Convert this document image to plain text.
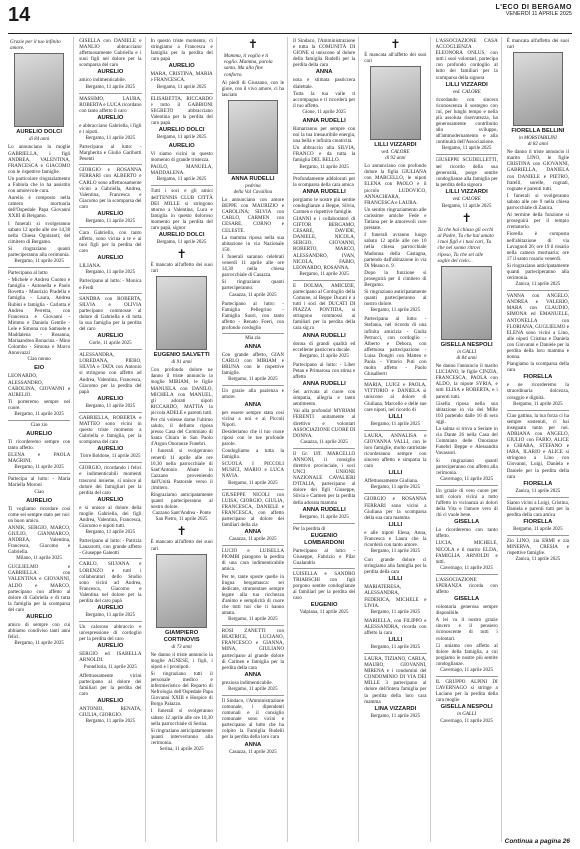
14	L'ECO DI BERGAMO
VENERDÌ 11 APRILE 2025
Grazie per il tuo infinito amore.
AURELIO DOLCI
di 84 anni
Lo annunciano la moglie GABRIELLA, i figli ANDREA, VALENTINA, FRANCESCA e GIACOMO con le rispettive famiglie.
Un particolare ringraziamento a Fabiola che lo ha assistito con amorevole cura.
Aurelio è composto nella camera mortuaria dell'Ospedale Papa Giovanni XXIII di Bergamo.
I funerali si svolgeranno sabato 12 aprile alle ore 14,30 nella Chiesa Ognisanti; del cimitero di Bergamo.
Si ringraziano quanti parteciperanno alla cerimonia.
Bergamo, 11 aprile 2025
Partecipano al lutto
- Michele e Andrea Cuomo e famiglia - Antonella e Paolo Rovetta - Maurizio Pradella e famiglia - Laura, Andrea Rubini e famiglia - Carlotta e Andrea Perretta, con Francesca e Giovanni - Mimmo e Daniela Gentile - Lele e Simona con Samuele e Maddalena - Rosanna, Mariaandrea Bonacina - Mino Colombo - Simona e Marco Annovazzi
Ciao nonno
EIO
LEONARDO, ALESSANDRO, CAROLINA, GIOVANNI e AURELIO.
Ti porteremo sempre nel cuore.
Bergamo, 11 aprile 2025
Ciao zio
AURELIO
Ti ricorderemo sempre con tanto affetto.
ELENA e PAOLA MAGRINI.
Bergamo, 11 aprile 2025
Partecipa al lutto: - Maria Mariella Moroni
Ciao
AURELIO
Ti vogliamo ricordare così come sei sempre stato per noi: un buon amico.
ANNIK, SERGIO, MARCO, GIULIO, GIANMARCO, ANDREA, Valentina, Francesca, Giacomo e Gabriella.
Milano, 11 aprile 2025
GUGLIELMO e GABRIELLA con VALENTINA e GIOVANNI, ALDO e MARCO, partecipano con affetto al dolore di Gabriella e di tutta la famiglia per la scomparsa del caro
AURELIO
amico di sempre con cui abbiamo condiviso tanti anni felici.
Bergamo, 11 aprile 2025
GISELLA con DANIELE e MANLIO abbracciano affettuosamente Gabriella e i suoi figli nel dolore per la scomparsa del caro
AURELIO
amico indimenticabile.
Bergamo, 11 aprile 2025
MASSIMO, LAURA, ROBERTA e LUCA ricordano con tanto affetto il caro
AURELIO
e abbracciano Gabriella, i figli e i nipoti.
Bergamo, 11 aprile 2025
Partecipano al lutto: - Margherita e Giulio Garibotti Pesenti
GIORGIO e ROSANNA FERRARI con ALBERTO e CARLO sono affettuosamente vicini a Gabriella, Andrea, Valentina, Francesca e Giacomo per la scomparsa del caro
AURELIO
Bergamo, 11 aprile 2025
Cara Gabriella, con tanto affetto, sono vicina a te e ai tuoi figli per la perdita del caro
AURELIO
LILIANA.
Bergamo, 11 aprile 2025
Partecipano al lutto: - Monica e Ferdi
SANDRA con ROBERTA, SILVIA e OLIVIA partecipano commosse al dolore di Gabriella e di tutta la sua famiglia per la perdita del caro
AURELIO
Gorle, 11 aprile 2025
ALESSANDRA, LOREDANA, PIERO, SILVIA e TATA con Antonio si stringono con affetto ad Andrea, Valentina, Francesca, Giacomo per la perdita del papà
AURELIO
Bergamo, 11 aprile 2025
GABRIELLA, ROBERTA e MATTEO sono vicini in questo triste momento a Gabriella e famiglia, per la scomparsa del caro
AURELIO
Torre Boldone, 11 aprile 2025
GIORGIO, ricordando i felici e indimenticabili momenti trascorsi insieme, si unisce al dolore dei famigliari per la perdita del caro
AURELIO
e si unisce al dolore della moglie Gabriella, dei figli Andrea, Valentina, Francesca, Giacomo e nipoti tutti.
Bergamo, 11 aprile 2025
Partecipano al lutto: - Patrizia Lanzarotti, con grande affetto - Giuseppe Galeotti
CARLO, SILVANA e LORENZO e tutti i collaboratori dello Studio sono vicini ad Andrea, Francesca, Giacomo e Valentina nel dolore per la perdita del caro papà
AURELIO
Bergamo, 11 aprile 2025
Un caloroso abbraccio e un'espressione di cordoglio per la perdita del caro
AURELIO
SERGIO ed ISABELLA ARNOLDI.
Pontelloria, 11 aprile 2025
Affettuosamente vicini partecipano al dolore dei familiari per la perdita del caro
AURELIO
ANTONIO, RENATA, GIULIA, GIORGIO.
Bergamo, 11 aprile 2025
In questo triste momento, ci stringiamo a Francesca e famiglia per la perdita del caro papà
AURELIO
MARA, CRISTINA, MARIA e FRANCESCA.
Bergamo, 11 aprile 2025
ELISABETTA, RICCARDO e tutto il GABBIONI SEGRETO abbracciano Valentina per la perdita del caro papà
AURELIO DOLCI
Bergamo, 11 aprile 2025
AURELIO
Vi siamo vicini in questo momento di grande tristezza.
PAOLO, MANUELA, MADDALENA.
Bergamo, 11 aprile 2025
Tutti i soci e gli amici dell'TENNIS CLUB CITTÀ DEI MILLE si stringono attorno a Valentina, Luca e famiglia in questo doloroso momento per la perdita del caro papà, signor
AURELIO DOLCI
Bergamo, 11 aprile 2025
✝
È mancato all'affetto dei suoi cari
EUGENIO SALVETTI
di 91 anni
Con profondo dolore ne danno il triste annuncio la moglie MIRIAM, le figlie MANUELA con DANILO, MICHELA con MANUEL, gli adorati nipoti RICCARDO, MATTIA la piccola ADELE e parenti tutti.
Per chi volesse darne l'ultimo saluto, il defunto riposa presso Casa del Commiato di Santa Chiara in San Paolo d'Argon Onoranze Funebri.
I funerali si svolgeranno venerdì 11 aprile alle ore 10,30 nella parrocchiale di Sant'Antonio Abate in Cazzano proveniendo dall'Unità Pastorale verso il cimitero.
Ringraziamo anticipatamente quanti parteciperanno al nostro dolore.
Cazzano Sant'Andrea - Ponte San Pietro, 11 aprile 2025
✝
È mancato all'affetto dei suoi cari
GIAMPIERO CORTINOVIS
di 73 anni
Ne danno il triste annuncio la moglie AGNESE, i figli, i nipoti e i pronipoti.
Si ringraziano tutti il personale medico e infermieristico del Reparto di Nefrologia dell'Ospedale Papa Giovanni XXIII e Hospice di Borgo Palazzo.
I funerali si svolgeranno sabato 12 aprile alle ore 10,30 nella parrocchiale di Serina.
Si ringraziano anticipatamente quanti interverranno alla cerimonia.
Serina, 11 aprile 2025
✝
Mamma, ti voglio e ti voglio. Mamma, parola santa. Ma alla fine conforto.
Ai piedi di Giussano, con le gioie, con il vivo amore, ci ha lasciato
ANNA RUDELLI
pedrina
della Val Cavallina
Lo annunciano con amore BEPPE con MAURIZIO e CAROLINA; SILVIA con CARLO, CARMEN con CESARE, CORNO e CELESTE.
La mamma riposa nella sua abitazione in via Nazionale 150.
I funerali saranno celebrati venerdì 11 aprile alle ore 14,30 nella chiesa parrocchiale di Casazza.
Si ringraziano quanti parteciperanno.
Casazza, 11 aprile 2025
Partecipano al lutto: - Famiglia Pellegrino - Famiglia Suori, con tanto affetto - Renato Foeri, con profondo cordoglio
Mia zia
ANNA
Con grande affetto, GIAN CARLO con MIRIAM e BRUNA con le rispettive famiglie.
Bergamo, 11 aprile 2025
Un grazie alla pazienza e amore.
ANNA
per essere sempre stata così vicina a noi e ai Piccoli Nipoti.
Desideriamo che il tuo cuore riposi con le tue profonde parole.
Condogliamo a tutta la famiglia.
SCUOLA I PICCOLI MUSICI, MARIO e LUCA NAVIA.
Bergamo, 11 aprile 2025
GIUSEPPE NICOLI con LUISA, GIORGIO, GIULIA, FRANCESCA, DANIELE e FRANCESCA, con affetto partecipano al dolore dei familiari della zia
ANNA
Casazza, 11 aprile 2025
LUCIO e LUISELLA PIOMBI piangono la perdita di una cara indimenticabile amica.
Per te, tante sposte quelle in lingua bergamasca: sei dedicate, strumentare sempre legate alla tua ricchezza d'animo e semplicità di cuore che tutti noi che ti hanno amata.
Bergamo, 11 aprile 2025
ROSI ZANETTI con BEATRICE, LUCIANO, FRANCESCO e GIANNA, MINA, GIULIANO partecipano al grande dolore di Carmen e famiglia per la perdita della cara
ANNA
preziosa indimenticabile.
Bergamo, 11 aprile 2025
Il Sindaco, l'Amministrazione comunale, i dipendenti comunali e il consiglio comunale sono vicini e partecipano al lutto che ha colpito la Famiglia Rudelli per la perdita della loro cara
ANNA
Casazza, 11 aprile 2025
Il Sindaco, l'Amministrazione e tutta la COMUNITÀ DI GIONE si uniscono al dolore della famiglia Rudelli per la perdita della cara
ANNA
nota e stimata pasticcera dialettale.
Tutta la tua valle ti accompagna e ti ricorderà per il tuo affetto.
Gione, 11 aprile 2025
ANNA RUDELLI
Rimarranno per sempre con noi la tua inesauribile energia, una bella e infinita creatività.
Un abbraccio alla SILVIA, FRANCO e da tutta la famiglia DEL BELLO.
Bergamo, 11 aprile 2025
Profondamente addolorati per la scomparsa della cara amica
ANNA RUDELLI
porgiamo le nostre più sentite condoglianze a Beppe, Silvia, Carmen e rispettive famiglie.
GIANNI e i collaboratori di GIFTOR BERGAMO, CESARE, DAVIDE, DANIELE, NICOLA, SERGIO, GIOVANNI, ROBERTO, MARCO, ALESSANDRO, IVAN, NICOLA, FABIO, LEONARDO, ROSANNA.
Bergamo, 11 aprile 2025
E DOLMA, AMICIZIE, partecipano al Cordoglio della Comune, al Beppe Ducati e a tutti i soci del DUCATI DI PIAZZA PONTIDA, si stringono commossi ai familiari per la perdita della cara sig.ra
ANNA RUDELLI
donna di grandi qualità ed eccellente pasticcera ducale.
Bergamo, 11 aprile 2025
Partecipano al lutto: - Liber Petan e Primarosa con stima e affetto
ANNA RUDELLI
Sei arrivata al cuore con simpatia, allegria e tanto sentimento.
Vai alla profonda! MYRIAM FERENTI unitamente al direttivo e volontari ASSOCIAZIONE CUORE DI DONNA.
Casazza, 11 aprile 2025
Il Gr. Uff. MARCELLO ANNONI, il consiglio direttivo provinciale, i soci UNCI UNIONE NAZIONALE CAVALIERI D'ITALIA, partecipano al dolore dei figli Giuseppe, Silvia e Carmen per la perdita della adorata mamma
ANNA RUDELLI
Bergamo, 11 aprile 2025
Per la perdita di
EUGENIO LOMBARDONI
Partecipano al lutto: - Giuseppe, Fabrizio e Pilar Gualandris
LUISELLA e SANDRO TRIABSCHI con figli porgono sentite condoglianze ai familiari per la perdita del caro
EUGENIO
Valpiana, 11 aprile 2025
✝
È mancata all'affetto dei suoi cari
LILLI VIZZARDI
ved. CALORE
di 92 anni
Lo annunciano con profondo dolore la figlia GIULIANA con MARCELLO, le nipoti ELENA con PAOLO e il piccolo LUDOVICO, ANNACHIARA, FRANCESCA e LAURA.
Un sentito ringraziamento alle carissime amiche Fede e Tatiana per le amorevoli cure prestate.
I funerali avranno luogo sabato 12 aprile alle ore 10 nella chiesa parrocchiale Madonna della Castagna, partendo dall'abitazione in via Di Meano n. 9.
Dopo la funzione si proseguirà per il cimitero di Bergamo.
Si ringraziano anticipatamente quanti parteciperanno al nostro dolore.
Bergamo, 11 aprile 2025
Partecipano al lutto: - Stefania, nel ricordo di una infinita amicizia - Giulia Petrucci, con cordoglio - Alberto e Debora, con affettuosa partecipazione - Luisa Donghi con Matteo e Paola - Vittorio Puti con molto affetto - Paolo Ghisalberti
MARIA, LUIGI e PAOLA, VITTORIO e DANIELA si uniscono al dolore di Giuliana, Marcello e delle sue care nipoti, nel ricordo di
LILLI
Bergamo, 11 aprile 2025
LAURA, ANNALISA e GIOVANNA VALLI, con le loro famiglie, molto rattristate ricorderanno sempre con sincero affetto e simpatia la cara
LILLI
Affettuosamente Giuliana.
Bergamo, 11 aprile 2025
GIORGIO e ROSANNA FERRARI sono vicini a Giuliana per la scomparsa della sua cara mamma
LILLI
e alle nipoti Elena, Anna, Francesca e Laura che la ricorderà con tanto amore.
Bergamo, 11 aprile 2025
Con grande dolore ci stringiamo alla famiglia per la perdita della cara
LILLI
MARIATERESA, ALESSANDRA, FEDERICA, MICHELE e LIVIA.
Bergamo, 11 aprile 2025
MARIELLA, con FILIPPO e ALESSANDRA, ricorda con affetto la cara
LILLI
Bergamo, 11 aprile 2025
LAURA, TIZIANO, CARLA, MAURO, GIOVANNI, MIRENA e i condomini del CONDOMINIO DI VIA DEI MILLE 3 partecipano al dolore dell'intera famiglia per la perdita della loro cara mamma
LINA VIZZARDI
Bergamo, 11 aprile 2025
L'ASSOCIAZIONE CASA ACCOGLIENZA ELEONORA ONLUS, con tutti i suoi volontari, partecipa con profondo cordoglio al lutto dei familiari per la scomparsa della signora
LILLI VIZZARDI
ved. CALORE
ricordando con sincera riconoscenza il sostegno con cui, per lunghi tempo e nella più assoluta riservatezza, ha generosamente contribuito allo sviluppo, all'ammodernamento e alla continuità dell'Associazione.
Bergamo, 11 aprile 2025
GIUSEPPE SCUDELLETTI, nel ricordo della sua generosità, porge sentite condoglianze alla famiglia per la perdita della signora
LILLI VIZZARDI
ved. CALORE
Bergamo, 11 aprile 2025
✝
Tu che hai chiuso gli occhi al Padre, Tu che hai amato i tuoi figli e i tuoi cari, Tu che nel sonno ritrovi riposo, Tu che sei alle soglie del cielo...
GISELLA NESPOLI
in GALLI
di 84 anni
Ne danno l'annuncio il marito LUCIANO, le figlie CINZIA, FRANCESCA, PAOLA con ALDO, la nipote SYRIA, e tutti ELISA e ROBERTA, e i parenti tutti.
Gisella riposa nella sua abitazione in via dei Mille 103 partendo dalle 16 di sera oggi.
La salma si trova a Seriate in via Dante 26 nella Casa del Commiato delle Onoranze Funebri Beppe e Alessandra Vavassori.
Si ringraziano quanti parteciperanno con affetto alla cerimonia.
Cavernago, 11 aprile 2025
Un grazie di vero cuore per tutti coloro vicini a tutto l'affetto in vicinanza ai dolori della Vita e l'amore vero di chi ci vuole bene.
GISELLA
Lo ricorderemo con tanto affetto.
LUCIA, MICHELE, NICOLA e il marito ELDA, FAMIGLIA ARNOLDI e tutti.
Cavernago, 11 aprile 2025
L'ASSOCIAZIONE SPERANZA ricorda con affetto
GISELLA
volontaria generosa sempre disponibile.
A lei va il nostro grazie sincero e il pensiero riconoscente di tutti i volontari.
Ci uniamo con affetto al dolore della famiglia, a cui porgiamo le nostre più sentite condoglianze.
Cavernago, 11 aprile 2025
IL GRUPPO ALPINI DI CAVERNAGO si stringe a Luciano per la perdita della cara moglie
GISELLA NESPOLI
in GALLI
Cavernago, 11 aprile 2025
È mancata all'affetto dei suoi cari
FIORELLA BELLINI
in MORSTABILINI
di 82 anni
Ne danno il triste annuncio il marito LINO, le figlie CRISTINA con GIOVANNI, GABRIELLA, DANIELA con DANIELE e PIETRO, fratelli, sorelle, cognati, cognate e parenti tutti.
I funerali si svolgeranno sabato alle ore 9 nella chiesa parrocchiale di Zanica.
Al termine della funzione si proseguirà per il tempio crematorio.
Fiorella è composta nell'abitazione di via Lavagnoli 26; ore 19 il rosario nella camera mortuaria; ore 17 il santo rosario venerdì.
Si ringraziano anticipatamente quanti parteciperanno alla cerimonia.
Zanica, 11 aprile 2025
VANNA con ANGELO, ANDREA e VALERIO, MARA con CLAUDIO, SIMONA ed EMANUELE, ANTONELLA con FLORIANA, GUGLIELMO e ELENA sono vicini a Lino, alle nipoti Cristina e Daniela con Giovanni e Daniele per la perdita della loro mamma e nonna.
Piangiamo la scomparsa della cara
FIORELLA
e ne ricorderemo la straordinaria dolcezza, coraggio e dignità.
Bergamo, 11 aprile 2025
Ciao gattina, la tua forza ci ha sempre sostenuti, ci hai insegnato tanto per noi. ADRIANA con ANGELO, GIULIO con FABIO, ALICE e CHIARA, STEFANO e IARA, ILARIO e ALICE si stringono a Lino con Giovanni, Luigi, Daniela e Daniele per la perdita della cara
FIORELLA
Zanica, 11 aprile 2025
Siamo vicini a Luigi, Cristina, Daniela e parenti tutti per la perdita della cara amica
FIORELLA
Bergamo, 11 aprile 2025
Zio LINO, zia ERMI e zia MINERVA, CRESIA e rispettive famiglie.
Zanica, 11 aprile 2025
Continua a pagina 26
